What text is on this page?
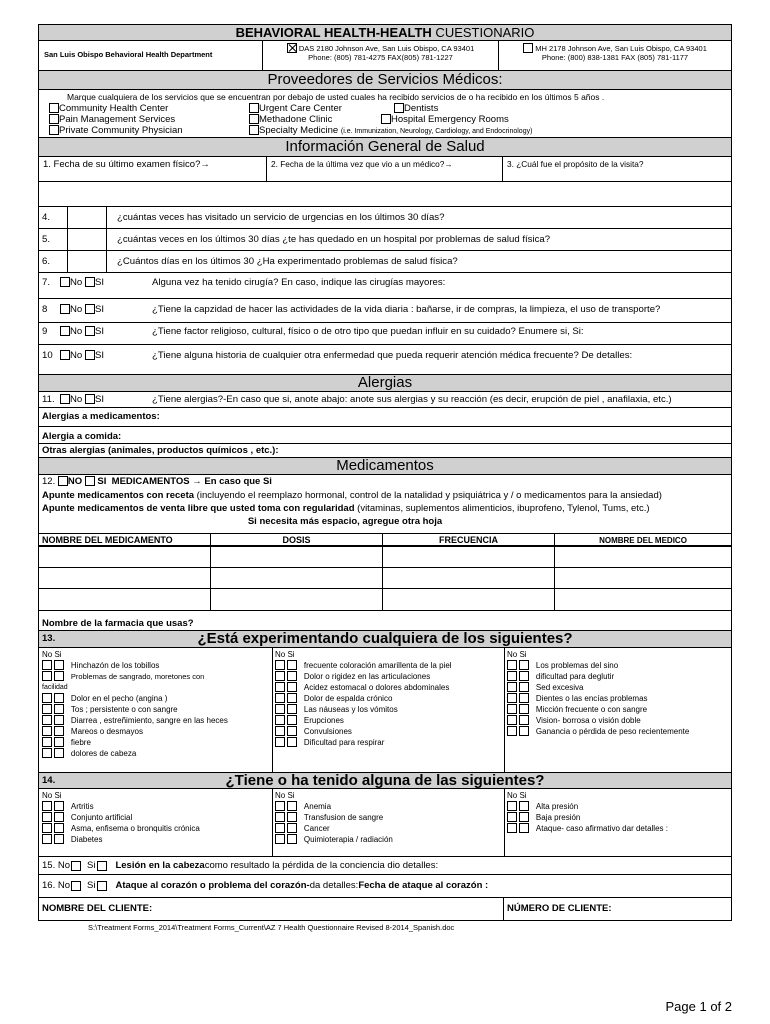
BEHAVIORAL HEALTH-HEALTH CUESTIONARIO
San Luis Obispo Behavioral Health Department
DAS 2180 Johnson Ave, San Luis Obispo, CA 93401
Phone: (805) 781-4275 FAX(805) 781-1227
MH 2178 Johnson Ave, San Luis Obispo, CA 93401
Phone: (800) 838-1381 FAX (805) 781-1177
Proveedores de Servicios Médicos:
Marque cualquiera de los servicios que se encuentran por debajo de usted cuales ha recibido servicios de o ha recibido en los últimos 5 años .
Community Health Center
Pain Management Services
Private Community Physician
Urgent Care Center
Methadone Clinic
Specialty Medicine (i.e. Immunization, Neurology, Cardiology, and Endocrinology)
Dentists
Hospital Emergency Rooms
Información General de Salud
1. Fecha de su último examen físico?→	2. Fecha de la última vez que vio a un médico?→	3. ¿Cuál fue el propósito de la visita?
4.	¿cuántas veces has visitado un servicio de urgencias en los últimos 30 días?
5.	¿cuántas veces en los últimos 30 días ¿te has quedado en un hospital por problemas de salud física?
6.	¿Cuántos días en los últimos 30 ¿Ha experimentado problemas de salud física?
7.	No SI	Alguna vez ha tenido cirugía? En caso, indique las cirugías mayores:
8	No SI	¿Tiene la capzidad de hacer las actividades de la vida diaria : bañarse, ir de compras, la limpieza, el uso de transporte?
9	No SI	¿Tiene factor religioso, cultural, físico o de otro tipo que puedan influir en su cuidado? Enumere si, Si:
10	No SI	¿Tiene alguna historia de cualquier otra enfermedad que pueda requerir atención médica frecuente? De detalles:
Alergias
11.	No SI	¿Tiene alergias?-En caso que si, anote abajo: anote sus alergias y su reacción (es decir, erupción de piel , anafilaxia, etc.)
Alergias a medicamentos:
Alergia a comida:
Otras alergias (animales, productos químicos , etc.):
Medicamentos
12. NO SI MEDICAMENTOS → En caso que Si
Apunte medicamentos con receta (incluyendo el reemplazo hormonal, control de la natalidad y psiquiátrica y / o medicamentos para la ansiedad)
Apunte medicamentos de venta libre que usted toma con regularidad (vitaminas, suplementos alimenticios, ibuprofeno, Tylenol, Tums, etc.)
Si necesita más espacio, agregue otra hoja
NOMBRE DEL MEDICAMENTO	DOSIS	FRECUENCIA	NOMBRE DEL MEDICO

Nombre de la farmacia que usas?
13.	¿Está experimentando cualquiera de los siguientes?
No Si
Hinchazón de los tobillos
Problemas de sangrado, moretones con
facilidad
Dolor en el pecho (angina )
Tos ; persistente o con sangre
Diarrea , estreñimiento, sangre en las heces
Mareos o desmayos
fiebre
dolores de cabeza
No Si
frecuente coloración amarillenta de la piel
Dolor o rigidez en las articulaciones
Acidez estomacal o dolores abdominales
Dolor de espalda crónico
Las náuseas y los vómitos
Erupciones
Convulsiones
Dificultad para respirar
No Si
Los problemas del sino
dificultad para deglutir
Sed excesiva
Dientes o las encías problemas
Micción frecuente o con sangre
Vision- borrosa o visión doble
Ganancia o pérdida de peso recientemente
14.	¿Tiene o ha tenido alguna de las siguientes?
No Si
Artritis
Conjunto artificial
Asma, enfisema o bronquitis crónica
Diabetes
No Si
Anemia
Transfusion de sangre
Cancer
Quimioterapia / radiación
No Si
Alta presión
Baja presión
Ataque- caso afirmativo dar detalles :
15. No Si Lesión en la cabeza como resultado la pérdida de la conciencia dio detalles:
16. No Si Ataque al corazón o problema del corazón- da detalles: Fecha de ataque al corazón :
NOMBRE DEL CLIENTE:	NÚMERO DE CLIENTE:
S:\Treatment Forms_2014\Treatment Forms_Current\AZ 7 Health Questionnaire Revised 8-2014_Spanish.doc
Page 1 of 2
